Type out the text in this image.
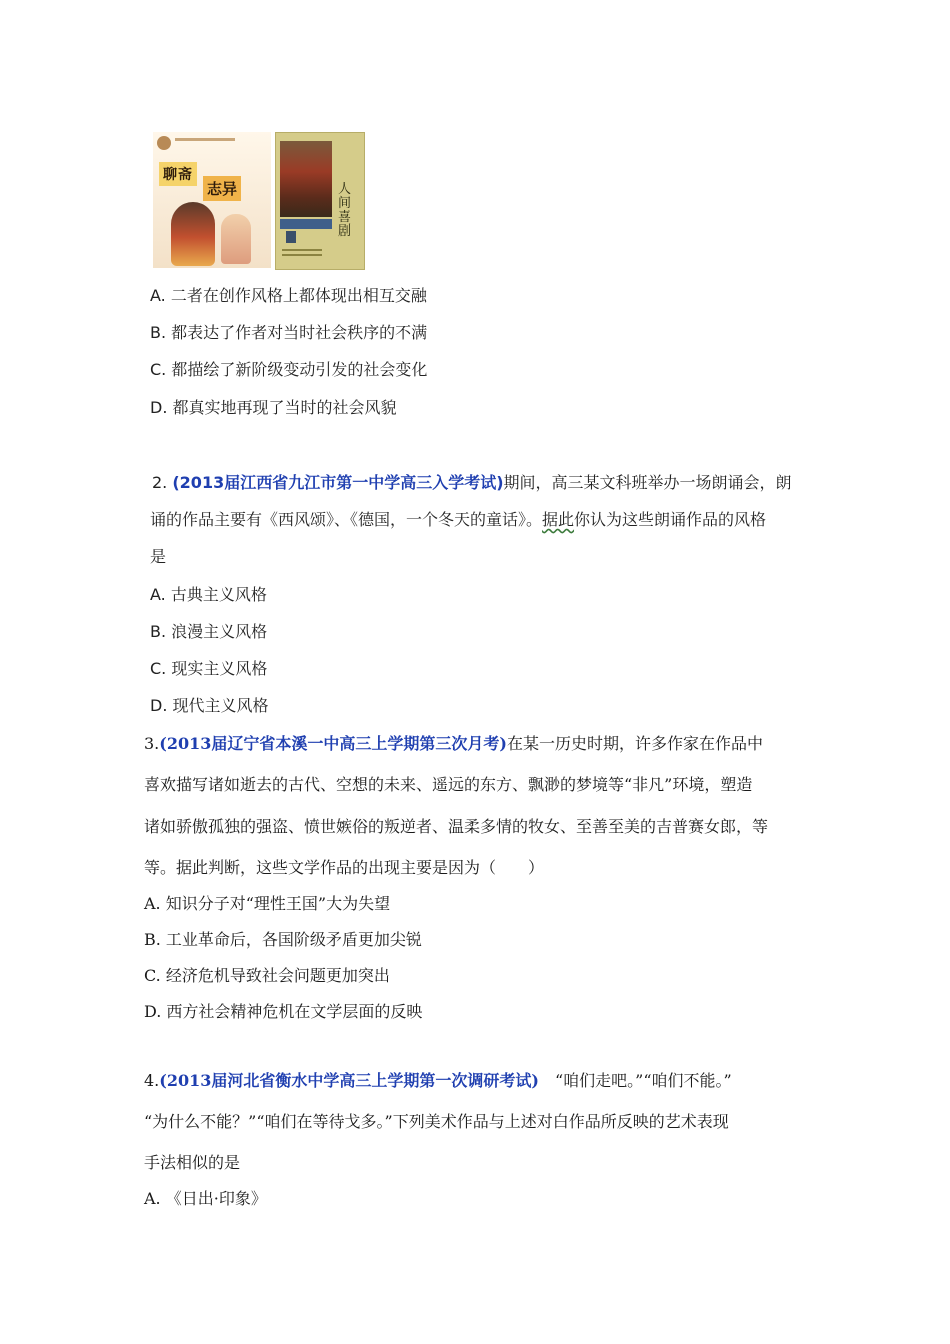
聊斋
志异	人间喜剧
A. 二者在创作风格上都体现出相互交融
B. 都表达了作者对当时社会秩序的不满
C. 都描绘了新阶级变动引发的社会变化
D. 都真实地再现了当时的社会风貌
2. (2013届江西省九江市第一中学高三入学考试)期间，高三某文科班举办一场朗诵会，朗
诵的作品主要有《西风颂》、《德国，一个冬天的童话》。据此你认为这些朗诵作品的风格
是
A. 古典主义风格
B. 浪漫主义风格
C. 现实主义风格
D. 现代主义风格
3.(2013届辽宁省本溪一中高三上学期第三次月考)在某一历史时期，许多作家在作品中
喜欢描写诸如逝去的古代、空想的未来、遥远的东方、飘渺的梦境等“非凡”环境，塑造
诸如骄傲孤独的强盗、愤世嫉俗的叛逆者、温柔多情的牧女、至善至美的吉普赛女郎，等
等。据此判断，这些文学作品的出现主要是因为（　　）
A. 知识分子对“理性王国”大为失望
B. 工业革命后，各国阶级矛盾更加尖锐
C. 经济危机导致社会问题更加突出
D. 西方社会精神危机在文学层面的反映
4.(2013届河北省衡水中学高三上学期第一次调研考试)　 “咱们走吧。”“咱们不能。”
“为什么不能？”“咱们在等待戈多。”下列美术作品与上述对白作品所反映的艺术表现
手法相似的是
A. 《日出·印象》
